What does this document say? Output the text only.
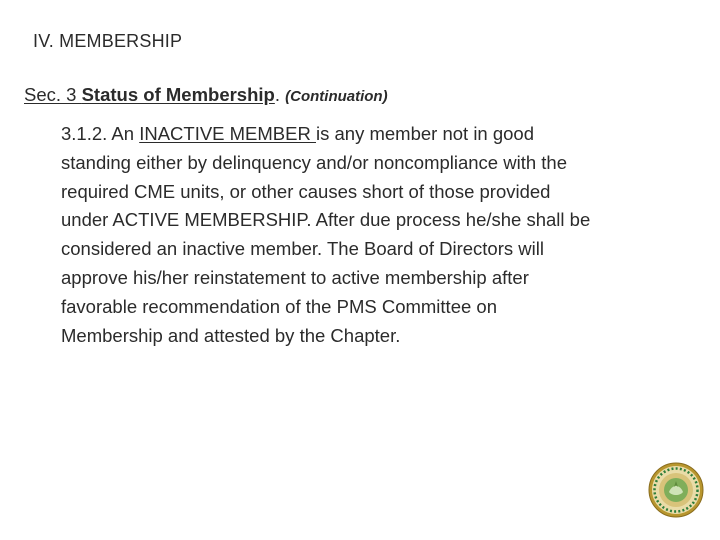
IV. MEMBERSHIP
Sec. 3 Status of Membership. (Continuation)

3.1.2. An INACTIVE MEMBER is any member not in good
standing either by delinquency and/or noncompliance with the
required CME units, or other causes short of those provided
under ACTIVE MEMBERSHIP. After due process he/she shall be
considered an inactive member. The Board of Directors will
approve his/her reinstatement to active membership after
favorable recommendation of the PMS Committee on
Membership and attested by the Chapter.
